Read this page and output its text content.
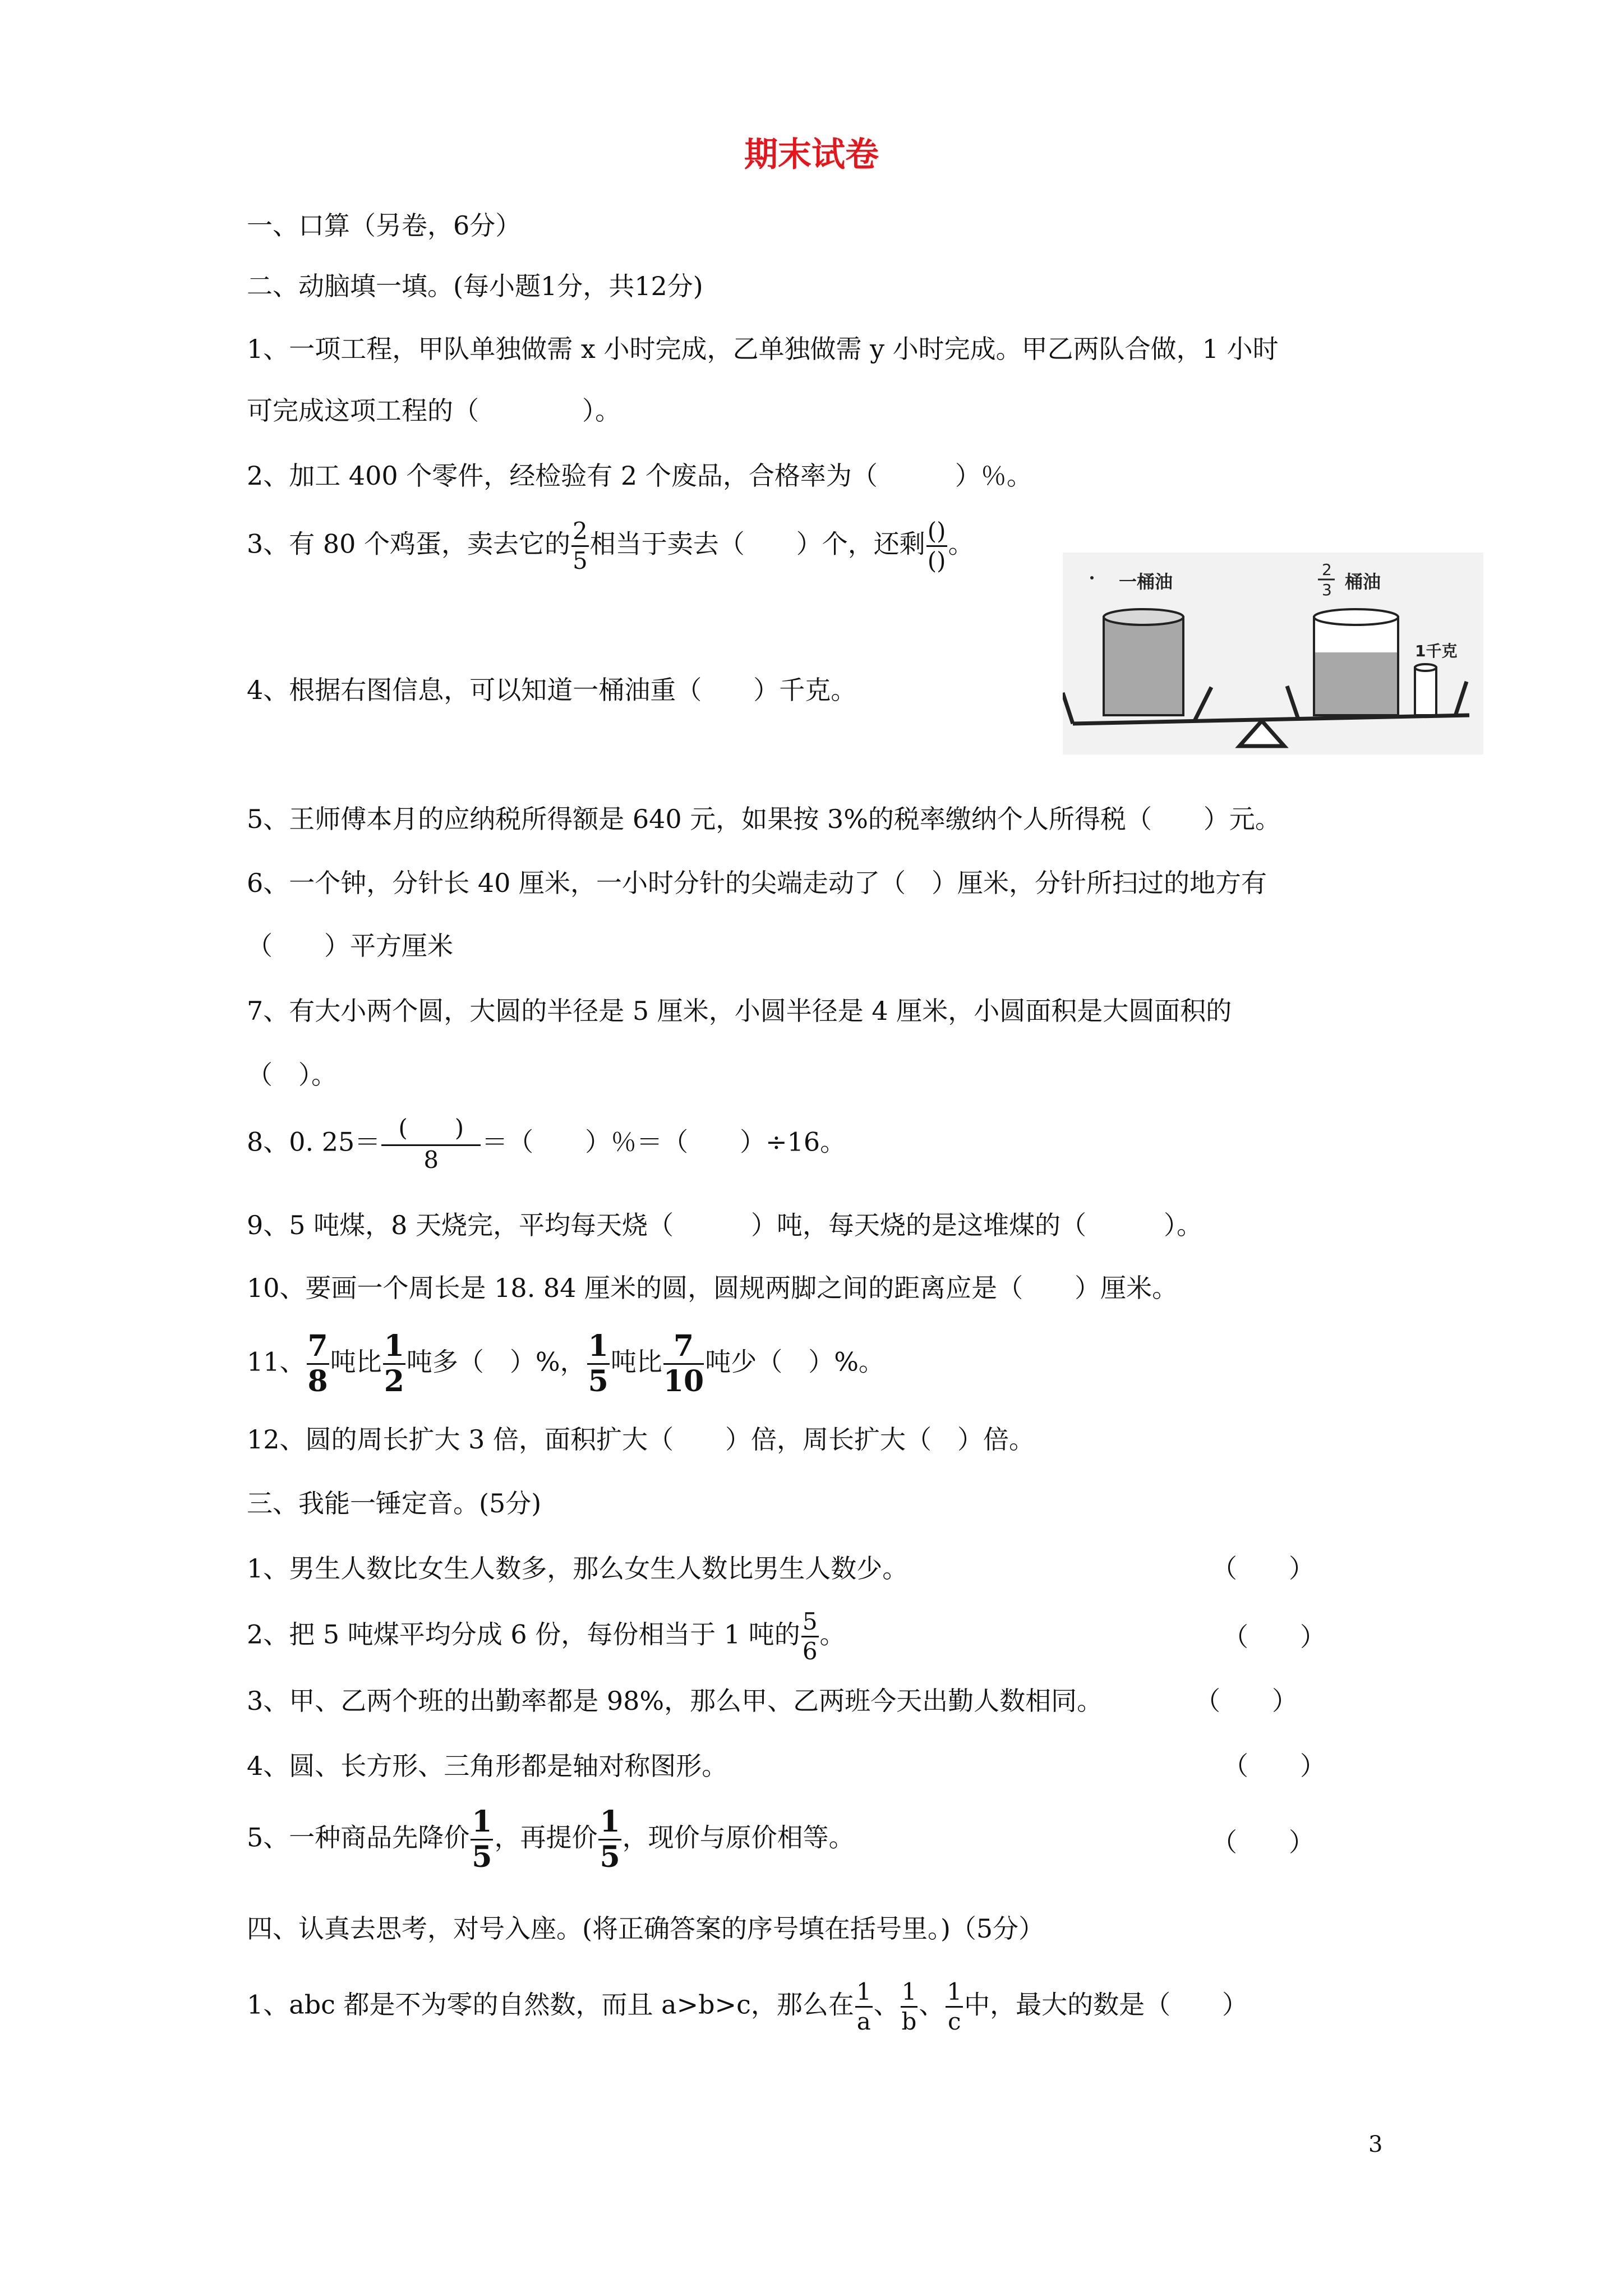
期末试卷
一、口算（另卷，6分）
二、动脑填一填。(每小题1分，共12分)
1、一项工程，甲队单独做需 x 小时完成，乙单独做需 y 小时完成。甲乙两队合做，1 小时
可完成这项工程的（　　　　）。
2、加工 400 个零件，经检验有 2 个废品，合格率为（　　　）％。
3、有 80 个鸡蛋，卖去它的 $\frac{2}{5}$ 相当于卖去（　　）个，还剩 $\frac{()}{()}$ 。
4、根据右图信息，可以知道一桶油重（　　）千克。
一桶油
2
3 桶油
1千克
5、王师傅本月的应纳税所得额是 640 元，如果按 3%的税率缴纳个人所得税（　　）元。
6、一个钟，分针长 40 厘米，一小时分针的尖端走动了（　）厘米，分针所扫过的地方有
（　　）平方厘米
7、有大小两个圆，大圆的半径是 5 厘米，小圆半径是 4 厘米，小圆面积是大圆面积的
（　）。
8、0. $25= \frac{( )}{8}$ ＝（　　）％＝（　　）÷16。
9、5 吨煤，8 天烧完，平均每天烧（　　　）吨，每天烧的是这堆煤的（　　　）。
10、要画一个周长是 18. 84 厘米的圆，圆规两脚之间的距离应是（　　）厘米。
11、 $\frac{7}{8}$ 吨比 $\frac{1}{2}$ 吨多（　）%， $\frac{1}{5}$ 吨比 $\frac{7}{10}$ 吨少（　）%。
12、圆的周长扩大 3 倍，面积扩大（　　）倍，周长扩大（　）倍。
三、我能一锤定音。(5分)
1、男生人数比女生人数多，那么女生人数比男生人数少。	（　　）
2、把 5 吨煤平均分成 6 份，每份相当于 1 吨的 $\frac{5}{6}$ 。	（　　）
3、甲、乙两个班的出勤率都是 98%，那么甲、乙两班今天出勤人数相同。	（　　）
4、圆、长方形、三角形都是轴对称图形。	（　　）
5、一种商品先降价 $\frac{1}{5}$ ，再提价 $\frac{1}{5}$ ，现价与原价相等。	（　　）
四、认真去思考，对号入座。(将正确答案的序号填在括号里。)（5分）
1、abc 都是不为零的自然数，而且 a>b>c，那么在 $\frac{1}{a}$ 、 $\frac{1}{b}$ 、 $\frac{1}{c}$ 中，最大的数是（　　）
3
